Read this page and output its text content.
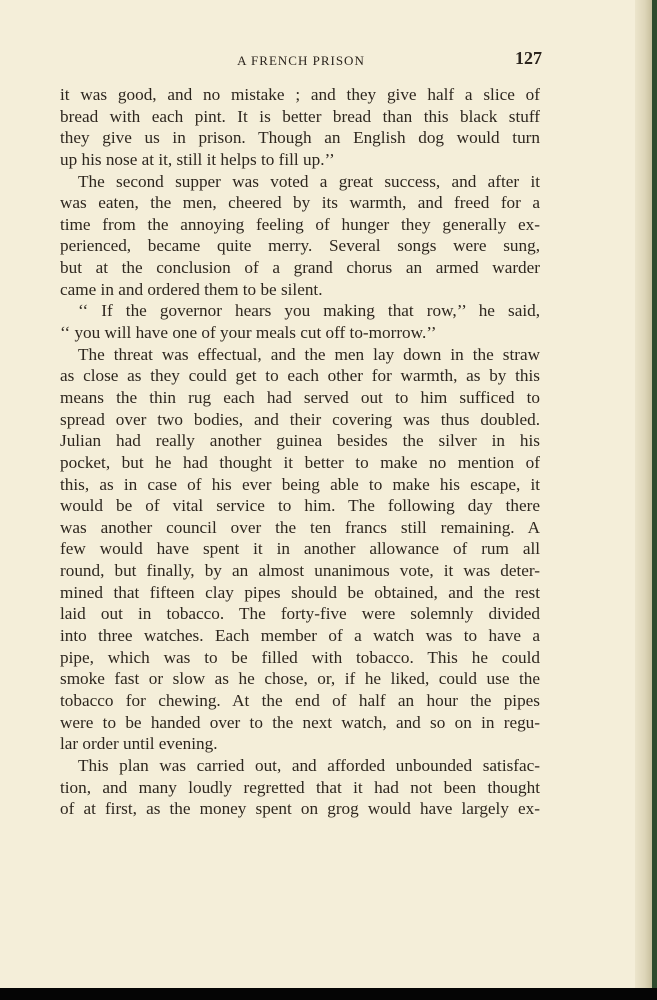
A FRENCH PRISON	127
it was good, and no mistake ; and they give half a slice of
bread with each pint. It is better bread than this black stuff
they give us in prison. Though an English dog would turn
up his nose at it, still it helps to fill up.’’
The second supper was voted a great success, and after it
was eaten, the men, cheered by its warmth, and freed for a
time from the annoying feeling of hunger they generally ex-
perienced, became quite merry. Several songs were sung,
but at the conclusion of a grand chorus an armed warder
came in and ordered them to be silent.
‘‘ If the governor hears you making that row,’’ he said,
‘‘ you will have one of your meals cut off to-morrow.’’
The threat was effectual, and the men lay down in the straw
as close as they could get to each other for warmth, as by this
means the thin rug each had served out to him sufficed to
spread over two bodies, and their covering was thus doubled.
Julian had really another guinea besides the silver in his
pocket, but he had thought it better to make no mention of
this, as in case of his ever being able to make his escape, it
would be of vital service to him. The following day there
was another council over the ten francs still remaining. A
few would have spent it in another allowance of rum all
round, but finally, by an almost unanimous vote, it was deter-
mined that fifteen clay pipes should be obtained, and the rest
laid out in tobacco. The forty-five were solemnly divided
into three watches. Each member of a watch was to have a
pipe, which was to be filled with tobacco. This he could
smoke fast or slow as he chose, or, if he liked, could use the
tobacco for chewing. At the end of half an hour the pipes
were to be handed over to the next watch, and so on in regu-
lar order until evening.
This plan was carried out, and afforded unbounded satisfac-
tion, and many loudly regretted that it had not been thought
of at first, as the money spent on grog would have largely ex-
